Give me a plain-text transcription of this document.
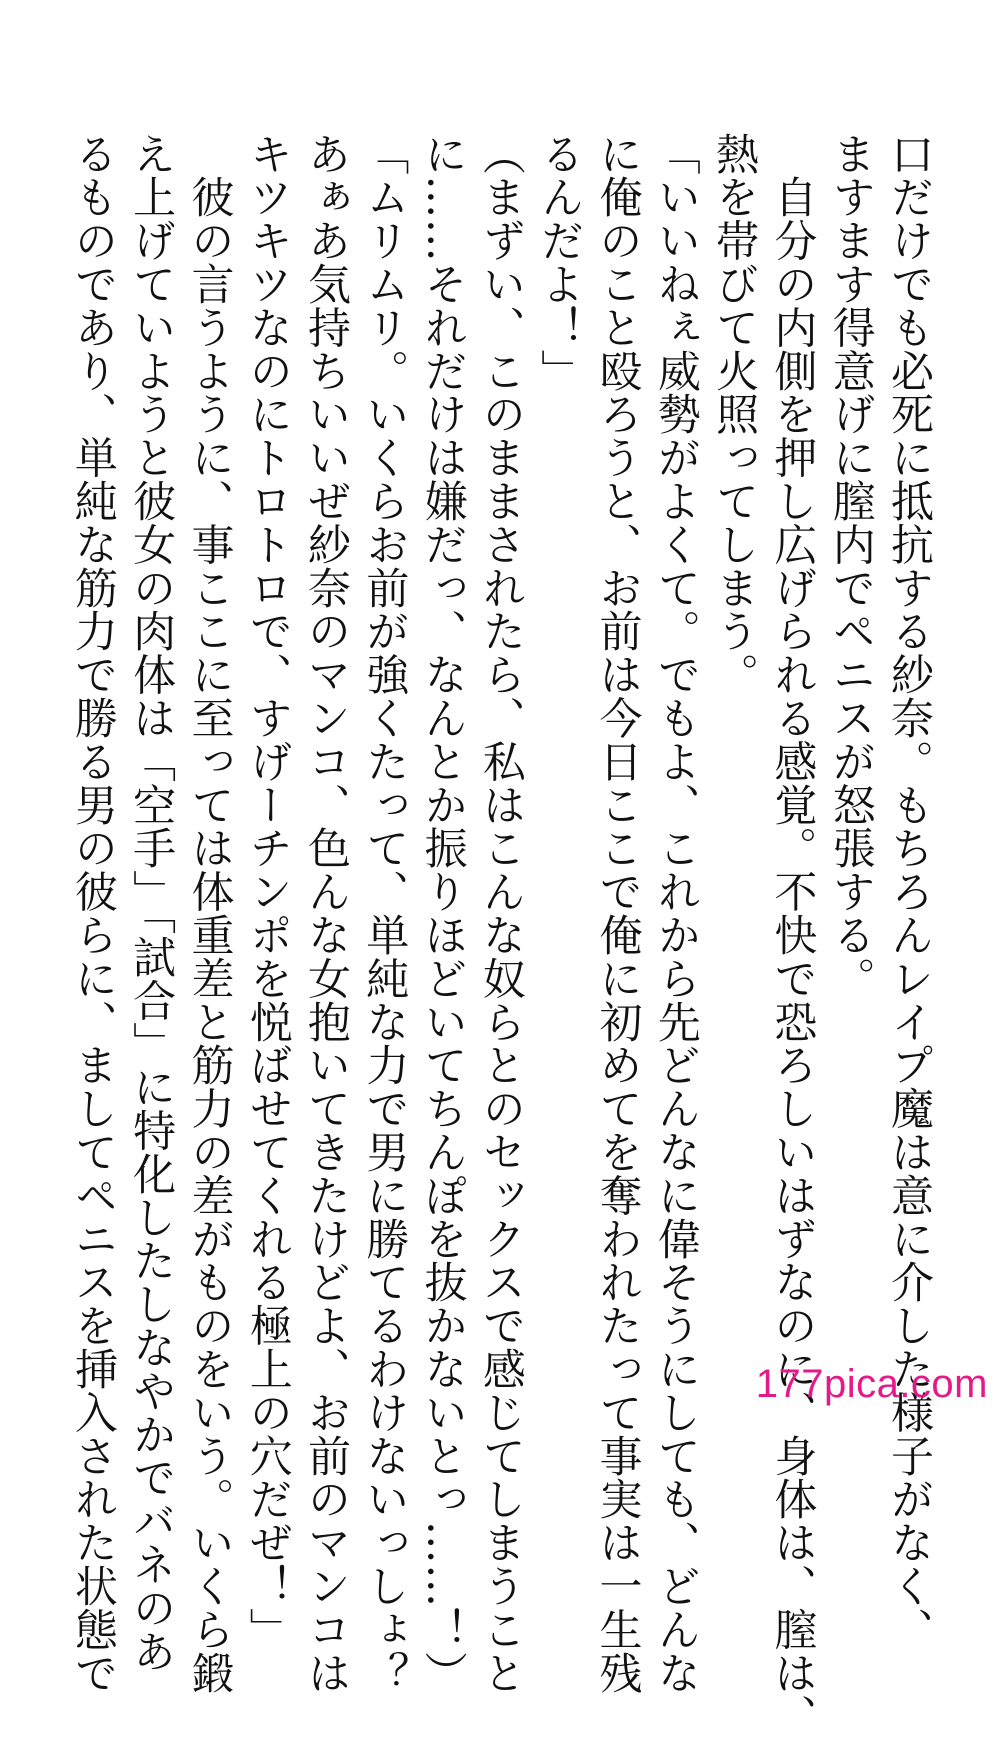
口だけでも必死に抵抗する紗奈。もちろんレイプ魔は意に介した様子がなく、
ますます得意げに膣内でペニスが怒張する。
　自分の内側を押し広げられる感覚。不快で恐ろしいはずなのに、身体は、膣は、
熱を帯びて火照ってしまう。
「いいねぇ威勢がよくて。でもよ、これから先どんなに偉そうにしても、どんな
に俺のこと殴ろうと、お前は今日ここで俺に初めてを奪われたって事実は一生残
るんだよ！」
（まずい、このままされたら、私はこんな奴らとのセックスで感じてしまうこと
に……それだけは嫌だっ、なんとか振りほどいてちんぽを抜かないとっ……！）
「ムリムリ。いくらお前が強くたって、単純な力で男に勝てるわけないっしょ？
あぁあ気持ちいいぜ紗奈のマンコ、色んな女抱いてきたけどよ、お前のマンコは
キツキツなのにトロトロで、すげーチンポを悦ばせてくれる極上の穴だぜ！」
　彼の言うように、事ここに至っては体重差と筋力の差がものをいう。いくら鍛
え上げていようと彼女の肉体は「空手」「試合」に特化したしなやかでバネのあ
るものであり、単純な筋力で勝る男の彼らに、ましてペニスを挿入された状態で	177pica.com
